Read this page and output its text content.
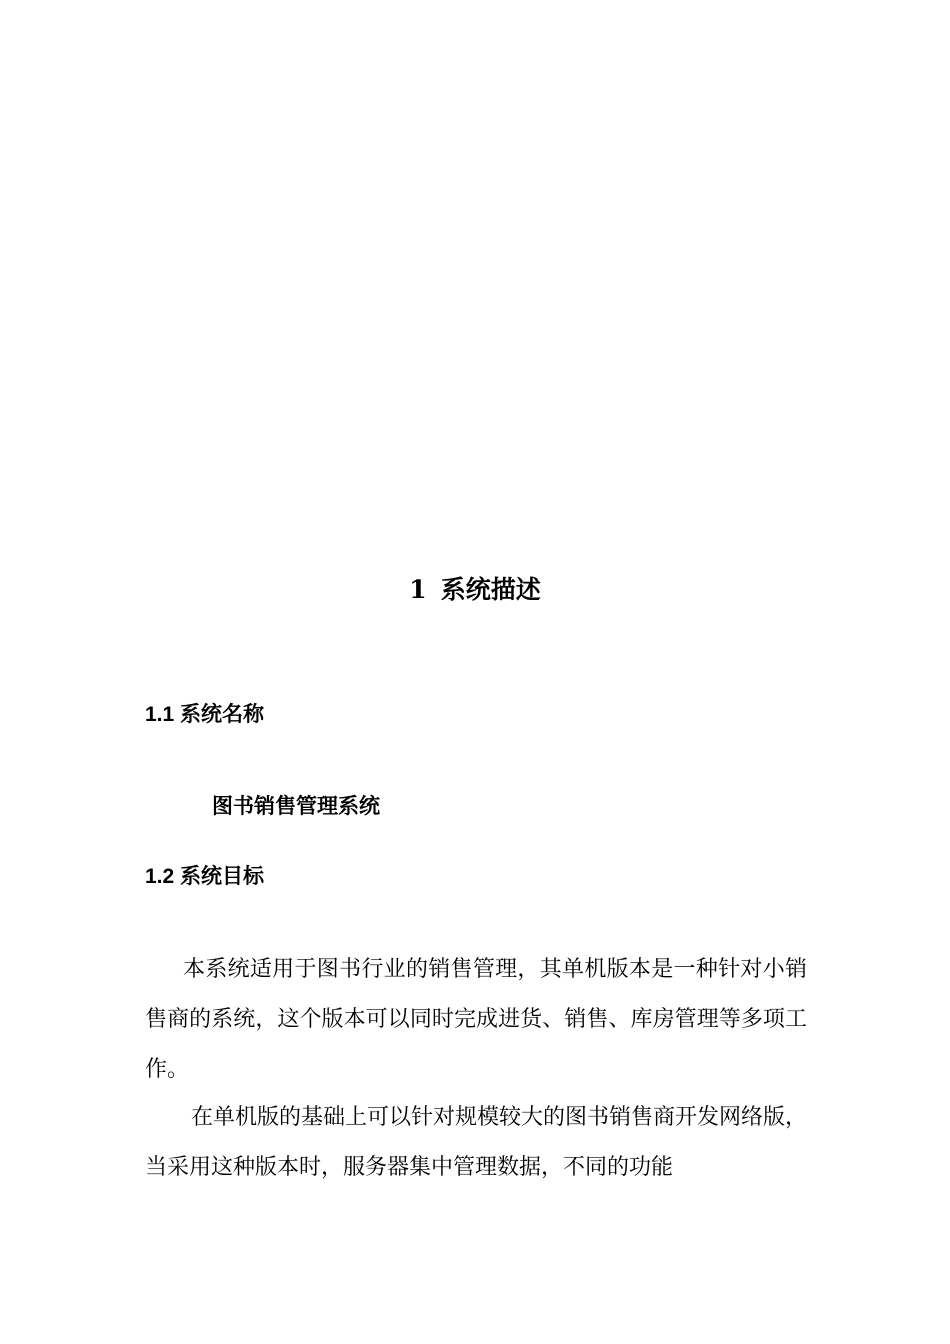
1 系统描述
1.1 系统名称

图书销售管理系统

1.2 系统目标

本系统适用于图书行业的销售管理，其单机版本是一种针对小销售商的系统，这个版本可以同时完成进货、销售、库房管理等多项工作。

在单机版的基础上可以针对规模较大的图书销售商开发网络版，当采用这种版本时，服务器集中管理数据，不同的功能
